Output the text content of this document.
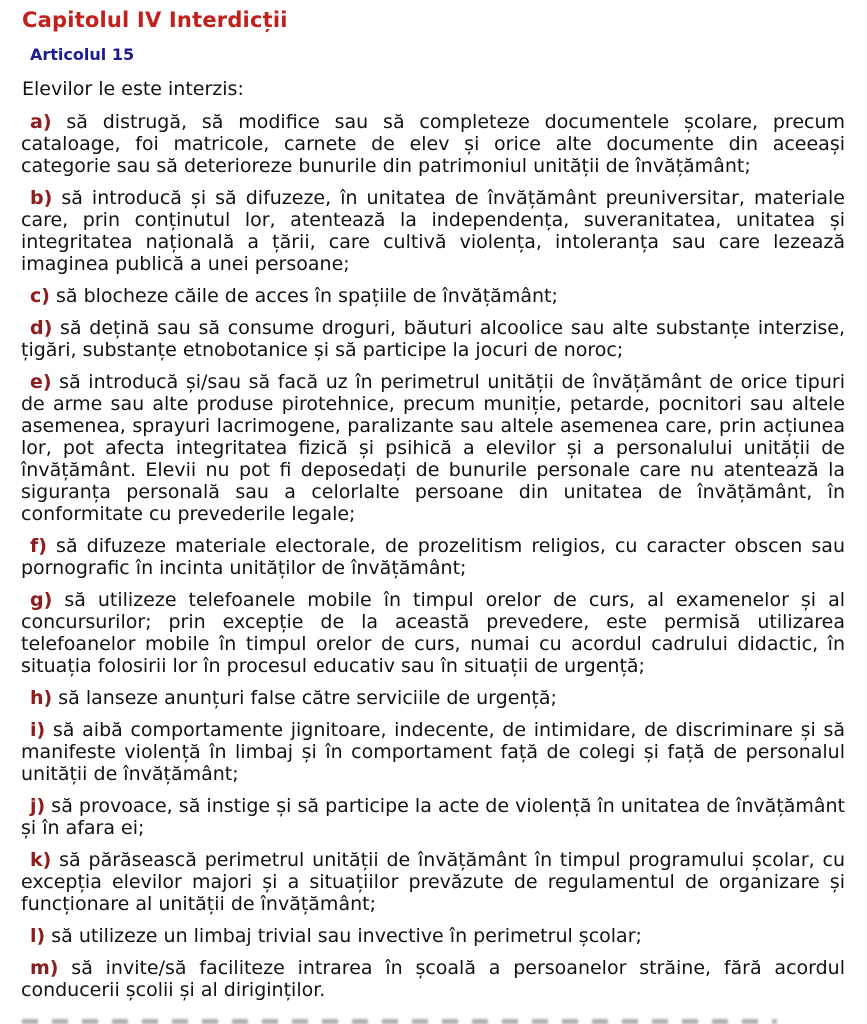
Capitolul IV Interdicții
Articolul 15

Elevilor le este interzis:

a) să distrugă, să modifice sau să completeze documentele școlare, precum cataloage, foi matricole, carnete de elev și orice alte documente din aceeași categorie sau să deterioreze bunurile din patrimoniul unității de învățământ;

b) să introducă și să difuzeze, în unitatea de învățământ preuniversitar, materiale care, prin conținutul lor, atentează la independența, suveranitatea, unitatea și integritatea națională a țării, care cultivă violența, intoleranța sau care lezează imaginea publică a unei persoane;

c) să blocheze căile de acces în spațiile de învățământ;

d) să dețină sau să consume droguri, băuturi alcoolice sau alte substanțe interzise, țigări, substanțe etnobotanice și să participe la jocuri de noroc;

e) să introducă și/sau să facă uz în perimetrul unității de învățământ de orice tipuri de arme sau alte produse pirotehnice, precum muniție, petarde, pocnitori sau altele asemenea, sprayuri lacrimogene, paralizante sau altele asemenea care, prin acțiunea lor, pot afecta integritatea fizică și psihică a elevilor și a personalului unității de învățământ. Elevii nu pot fi deposedați de bunurile personale care nu atentează la siguranța personală sau a celorlalte persoane din unitatea de învățământ, în conformitate cu prevederile legale;

f) să difuzeze materiale electorale, de prozelitism religios, cu caracter obscen sau pornografic în incinta unităților de învățământ;

g) să utilizeze telefoanele mobile în timpul orelor de curs, al examenelor și al concursurilor; prin excepție de la această prevedere, este permisă utilizarea telefoanelor mobile în timpul orelor de curs, numai cu acordul cadrului didactic, în situația folosirii lor în procesul educativ sau în situații de urgență;

h) să lanseze anunțuri false către serviciile de urgență;

i) să aibă comportamente jignitoare, indecente, de intimidare, de discriminare și să manifeste violență în limbaj și în comportament față de colegi și față de personalul unității de învățământ;

j) să provoace, să instige și să participe la acte de violență în unitatea de învățământ și în afara ei;

k) să părăsească perimetrul unității de învățământ în timpul programului școlar, cu excepția elevilor majori și a situațiilor prevăzute de regulamentul de organizare și funcționare al unității de învățământ;

l) să utilizeze un limbaj trivial sau invective în perimetrul școlar;

m) să invite/să faciliteze intrarea în școală a persoanelor străine, fără acordul conducerii școlii și al diriginților.
